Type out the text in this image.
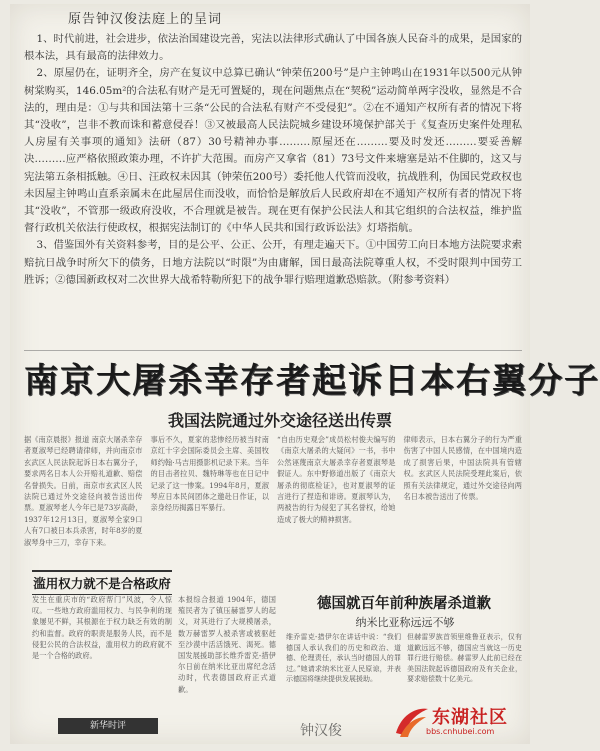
原告钟汉俊法庭上的呈词

1、时代前进，社会进步，依法治国建设完善，宪法以法律形式确认了中国各族人民奋斗的成果，是国家的根本法，具有最高的法律效力。

2、原屋仍在，证明齐全，房产在复议中总算已确认“钟荣伍200号”是户主钟鸣山在1931年以500元从钟树棠购买，146.05m²的合法私有财产是无可置疑的，现在问题焦点在“契税”运动简单两字没收，显然是不合法的，理由是：①与共和国法第十三条“公民的合法私有财产不受侵犯”。②在不通知产权所有者的情况下将其“没收”，岂非不教而诛和蓄意侵吞！③又被最高人民法院城乡建设环境保护部关于《复查历史案件处理私人房屋有关事项的通知》法研（87）30号精神办事………原屋还在………要及时发还………要妥善解决………应严格依照政策办理，不许扩大范围。而房产又拿省（81）73号文件来塘塞是站不住脚的，这又与宪法第五条相抵触。④日、汪政权未因其（钟荣伍200号）委托他人代管而没收，抗战胜利，伪国民党政权也未因屋主钟鸣山直系亲属未在此屋居住而没收，而恰恰是解放后人民政府却在不通知产权所有者的情况下将其“没收”，不管那一级政府没收，不合理就是被告。现在更有保护公民法人和其它组织的合法权益，维护监督行政机关依法行使政权，根据宪法制订的《中华人民共和国行政诉讼法》灯塔指航。

3、借鉴国外有关资料参考，目的是公平、公正、公开，有理走遍天下。①中国劳工向日本地方法院要求索赔抗日战争时所欠下的债务，日地方法院以“时限”为由庸解，国日最高法院尊重人权，不受时限判中国劳工胜诉；②德国新政权对二次世界大战希特勒所犯下的战争罪行赔理道歉恐赔款。（附参考资料）

南京大屠杀幸存者起诉日本右翼分子
我国法院通过外交途径送出传票
据《南京晨报》报道 南京大屠杀幸存者夏淑琴已经聘请律师，并向南京市玄武区人民法院起诉日本右翼分子，要求两名日本人公开赔礼道歉、赔偿名誉损失。日前，南京市玄武区人民法院已通过外交途径向被告送出传票。夏淑琴老人今年已是73岁高龄，1937年12月13日，夏淑琴全家9口人有7口被日本兵杀害，时年8岁的夏淑琴身中三刀，幸存下来。
事后不久，夏家的悲惨经历被当时南京红十字会国际委员会主席、美国牧师约翰·马吉用摄影机记录下来。当年的目击者拉贝、魏特琳等也在日记中记录了这一惨案。1994年8月，夏淑琴应日本民间团体之邀赴日作证，以亲身经历揭露日军暴行。
“自由历史观会”成员松村俊夫编写的《南京大屠杀的大疑问》一书，书中公然诬蔑南京大屠杀幸存者夏淑琴是假证人。东中野修道出版了《南京大屠杀的彻底检证》，也对夏淑琴的证言进行了捏造和诽谤。夏淑琴认为，两被告的行为侵犯了其名誉权，给她造成了极大的精神损害。
律师表示，日本右翼分子的行为严重伤害了中国人民感情，在中国境内造成了损害后果，中国法院具有管辖权。玄武区人民法院受理此案后，依照有关法律规定，通过外交途径向两名日本被告送出了传票。
滥用权力就不是合格政府
发生在重庆市的“政府帮门”风波，令人惊叹。一些地方政府滥用权力、与民争利的现象屡见不鲜，其根源在于权力缺乏有效的制约和监督。政府的职责是服务人民，而不是侵犯公民的合法权益，滥用权力的政府就不是一个合格的政府。
新华时评
本报综合报道 1904年，德国殖民者为了镇压赫雷罗人的起义，对其进行了大规模屠杀，数万赫雷罗人被杀害或被驱赶至沙漠中活活饿死、渴死。德国发展援助部长维乔雷克-措伊尔日前在纳米比亚出席纪念活动时，代表德国政府正式道歉。
德国就百年前种族屠杀道歉
纳米比亚称远远不够
维乔雷克-措伊尔在讲话中说：“我们德国人承认我们的历史和政治、道德、伦理责任，承认当时德国人的罪过。”她请求纳米比亚人民原谅，并表示德国将继续提供发展援助。
但赫雷罗族首领里维鲁亚表示，仅有道歉远远不够，德国应当就这一历史罪行进行赔偿。赫雷罗人此前已经在美国法院起诉德国政府及有关企业，要求赔偿数十亿美元。
钟汉俊
东湖社区
bbs.cnhubei.com
